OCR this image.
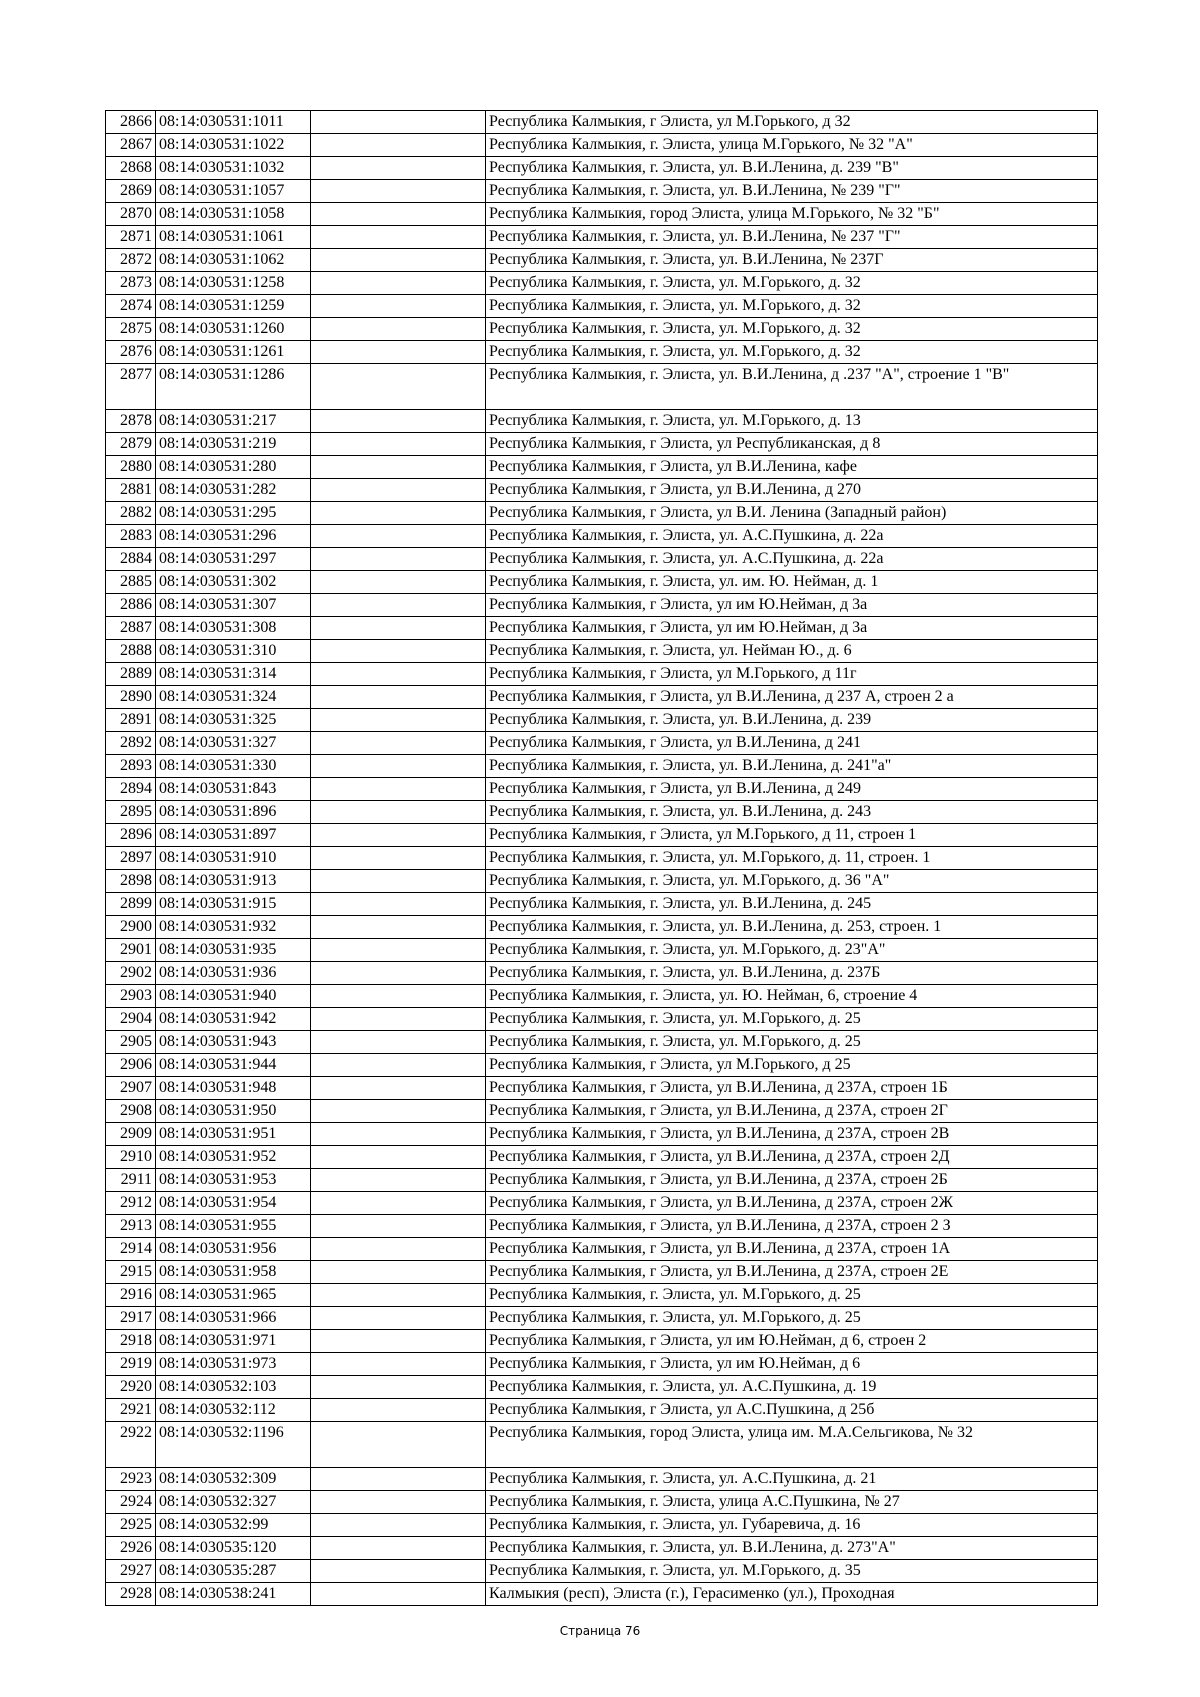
2866	08:14:030531:1011		Республика Калмыкия, г Элиста, ул М.Горького, д 32
2867	08:14:030531:1022		Республика Калмыкия, г. Элиста, улица М.Горького, № 32 "А"
2868	08:14:030531:1032		Республика Калмыкия, г. Элиста, ул. В.И.Ленина, д. 239 "В"
2869	08:14:030531:1057		Республика Калмыкия, г. Элиста, ул. В.И.Ленина, № 239 "Г"
2870	08:14:030531:1058		Республика Калмыкия, город Элиста, улица М.Горького, № 32 "Б"
2871	08:14:030531:1061		Республика Калмыкия, г. Элиста, ул. В.И.Ленина, № 237 "Г"
2872	08:14:030531:1062		Республика Калмыкия, г. Элиста, ул. В.И.Ленина, № 237Г
2873	08:14:030531:1258		Республика Калмыкия, г. Элиста, ул. М.Горького, д. 32
2874	08:14:030531:1259		Республика Калмыкия, г. Элиста, ул. М.Горького, д. 32
2875	08:14:030531:1260		Республика Калмыкия, г. Элиста, ул. М.Горького, д. 32
2876	08:14:030531:1261		Республика Калмыкия, г. Элиста, ул. М.Горького, д. 32
2877	08:14:030531:1286		Республика Калмыкия, г. Элиста, ул. В.И.Ленина, д .237 "А", строение 1 "В"
2878	08:14:030531:217		Республика Калмыкия, г. Элиста, ул. М.Горького, д. 13
2879	08:14:030531:219		Республика Калмыкия, г Элиста, ул Республиканская, д 8
2880	08:14:030531:280		Республика Калмыкия, г Элиста, ул В.И.Ленина, кафе
2881	08:14:030531:282		Республика Калмыкия, г Элиста, ул В.И.Ленина, д 270
2882	08:14:030531:295		Республика Калмыкия, г Элиста, ул В.И. Ленина (Западный район)
2883	08:14:030531:296		Республика Калмыкия, г. Элиста, ул. А.С.Пушкина, д. 22а
2884	08:14:030531:297		Республика Калмыкия, г. Элиста, ул. А.С.Пушкина, д. 22а
2885	08:14:030531:302		Республика Калмыкия, г. Элиста, ул. им. Ю. Нейман, д. 1
2886	08:14:030531:307		Республика Калмыкия, г Элиста, ул им Ю.Нейман, д 3а
2887	08:14:030531:308		Республика Калмыкия, г Элиста, ул им Ю.Нейман, д 3а
2888	08:14:030531:310		Республика Калмыкия, г. Элиста, ул. Нейман Ю., д. 6
2889	08:14:030531:314		Республика Калмыкия, г Элиста, ул М.Горького, д 11г
2890	08:14:030531:324		Республика Калмыкия, г Элиста, ул В.И.Ленина, д 237 А, строен 2 а
2891	08:14:030531:325		Республика Калмыкия, г. Элиста, ул. В.И.Ленина, д. 239
2892	08:14:030531:327		Республика Калмыкия, г Элиста, ул В.И.Ленина, д 241
2893	08:14:030531:330		Республика Калмыкия, г. Элиста, ул. В.И.Ленина, д. 241"а"
2894	08:14:030531:843		Республика Калмыкия, г Элиста, ул В.И.Ленина, д 249
2895	08:14:030531:896		Республика Калмыкия, г. Элиста, ул. В.И.Ленина, д. 243
2896	08:14:030531:897		Республика Калмыкия, г Элиста, ул М.Горького, д 11, строен 1
2897	08:14:030531:910		Республика Калмыкия, г. Элиста, ул. М.Горького, д. 11, строен. 1
2898	08:14:030531:913		Республика Калмыкия, г. Элиста, ул. М.Горького, д. 36 "А"
2899	08:14:030531:915		Республика Калмыкия, г. Элиста, ул. В.И.Ленина, д. 245
2900	08:14:030531:932		Республика Калмыкия, г. Элиста, ул. В.И.Ленина, д. 253, строен. 1
2901	08:14:030531:935		Республика Калмыкия, г. Элиста, ул. М.Горького, д. 23"А"
2902	08:14:030531:936		Республика Калмыкия, г. Элиста, ул. В.И.Ленина, д. 237Б
2903	08:14:030531:940		Республика Калмыкия, г. Элиста, ул. Ю. Нейман, 6, строение 4
2904	08:14:030531:942		Республика Калмыкия, г. Элиста, ул. М.Горького, д. 25
2905	08:14:030531:943		Республика Калмыкия, г. Элиста, ул. М.Горького, д. 25
2906	08:14:030531:944		Республика Калмыкия, г Элиста, ул М.Горького, д 25
2907	08:14:030531:948		Республика Калмыкия, г Элиста, ул В.И.Ленина, д 237А, строен 1Б
2908	08:14:030531:950		Республика Калмыкия, г Элиста, ул В.И.Ленина, д 237А, строен 2Г
2909	08:14:030531:951		Республика Калмыкия, г Элиста, ул В.И.Ленина, д 237А, строен 2В
2910	08:14:030531:952		Республика Калмыкия, г Элиста, ул В.И.Ленина, д 237А, строен 2Д
2911	08:14:030531:953		Республика Калмыкия, г Элиста, ул В.И.Ленина, д 237А, строен 2Б
2912	08:14:030531:954		Республика Калмыкия, г Элиста, ул В.И.Ленина, д 237А, строен 2Ж
2913	08:14:030531:955		Республика Калмыкия, г Элиста, ул В.И.Ленина, д 237А, строен 2 З
2914	08:14:030531:956		Республика Калмыкия, г Элиста, ул В.И.Ленина, д 237А, строен 1А
2915	08:14:030531:958		Республика Калмыкия, г Элиста, ул В.И.Ленина, д 237А, строен 2Е
2916	08:14:030531:965		Республика Калмыкия, г. Элиста, ул. М.Горького, д. 25
2917	08:14:030531:966		Республика Калмыкия, г. Элиста, ул. М.Горького, д. 25
2918	08:14:030531:971		Республика Калмыкия, г Элиста, ул им Ю.Нейман, д 6, строен 2
2919	08:14:030531:973		Республика Калмыкия, г Элиста, ул им Ю.Нейман, д 6
2920	08:14:030532:103		Республика Калмыкия, г. Элиста, ул. А.С.Пушкина, д. 19
2921	08:14:030532:112		Республика Калмыкия, г Элиста, ул А.С.Пушкина, д 25б
2922	08:14:030532:1196		Республика Калмыкия, город Элиста, улица им. М.А.Сельгикова, № 32
2923	08:14:030532:309		Республика Калмыкия, г. Элиста, ул. А.С.Пушкина, д. 21
2924	08:14:030532:327		Республика Калмыкия, г. Элиста, улица А.С.Пушкина, № 27
2925	08:14:030532:99		Республика Калмыкия, г. Элиста, ул. Губаревича, д. 16
2926	08:14:030535:120		Республика Калмыкия, г. Элиста, ул. В.И.Ленина, д. 273"А"
2927	08:14:030535:287		Республика Калмыкия, г. Элиста, ул. М.Горького, д. 35
2928	08:14:030538:241		Калмыкия (респ), Элиста (г.), Герасименко (ул.), Проходная
Страница 76
